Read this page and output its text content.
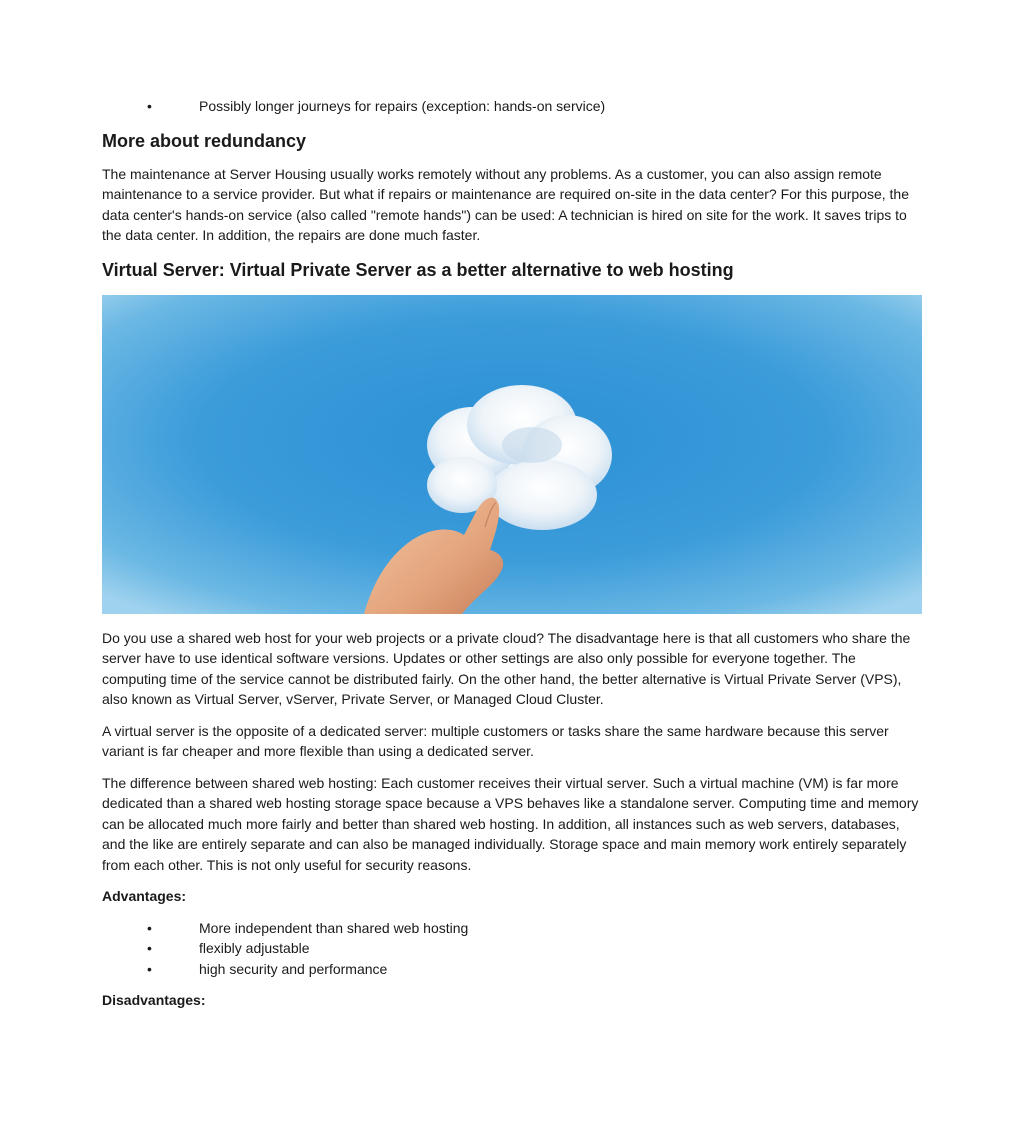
•	Possibly longer journeys for repairs (exception: hands-on service)
More about redundancy

The maintenance at Server Housing usually works remotely without any problems. As a customer, you can also assign remote maintenance to a service provider. But what if repairs or maintenance are required on-site in the data center? For this purpose, the data center's hands-on service (also called "remote hands") can be used: A technician is hired on site for the work. It saves trips to the data center. In addition, the repairs are done much faster.

Virtual Server: Virtual Private Server as a better alternative to web hosting

Do you use a shared web host for your web projects or a private cloud? The disadvantage here is that all customers who share the server have to use identical software versions. Updates or other settings are also only possible for everyone together. The computing time of the service cannot be distributed fairly. On the other hand, the better alternative is Virtual Private Server (VPS), also known as Virtual Server, vServer, Private Server, or Managed Cloud Cluster.

A virtual server is the opposite of a dedicated server: multiple customers or tasks share the same hardware because this server variant is far cheaper and more flexible than using a dedicated server.

The difference between shared web hosting: Each customer receives their virtual server. Such a virtual machine (VM) is far more dedicated than a shared web hosting storage space because a VPS behaves like a standalone server. Computing time and memory can be allocated much more fairly and better than shared web hosting. In addition, all instances such as web servers, databases, and the like are entirely separate and can also be managed individually. Storage space and main memory work entirely separately from each other. This is not only useful for security reasons.

Advantages:

•	More independent than shared web hosting
•	flexibly adjustable
•	high security and performance

Disadvantages:
